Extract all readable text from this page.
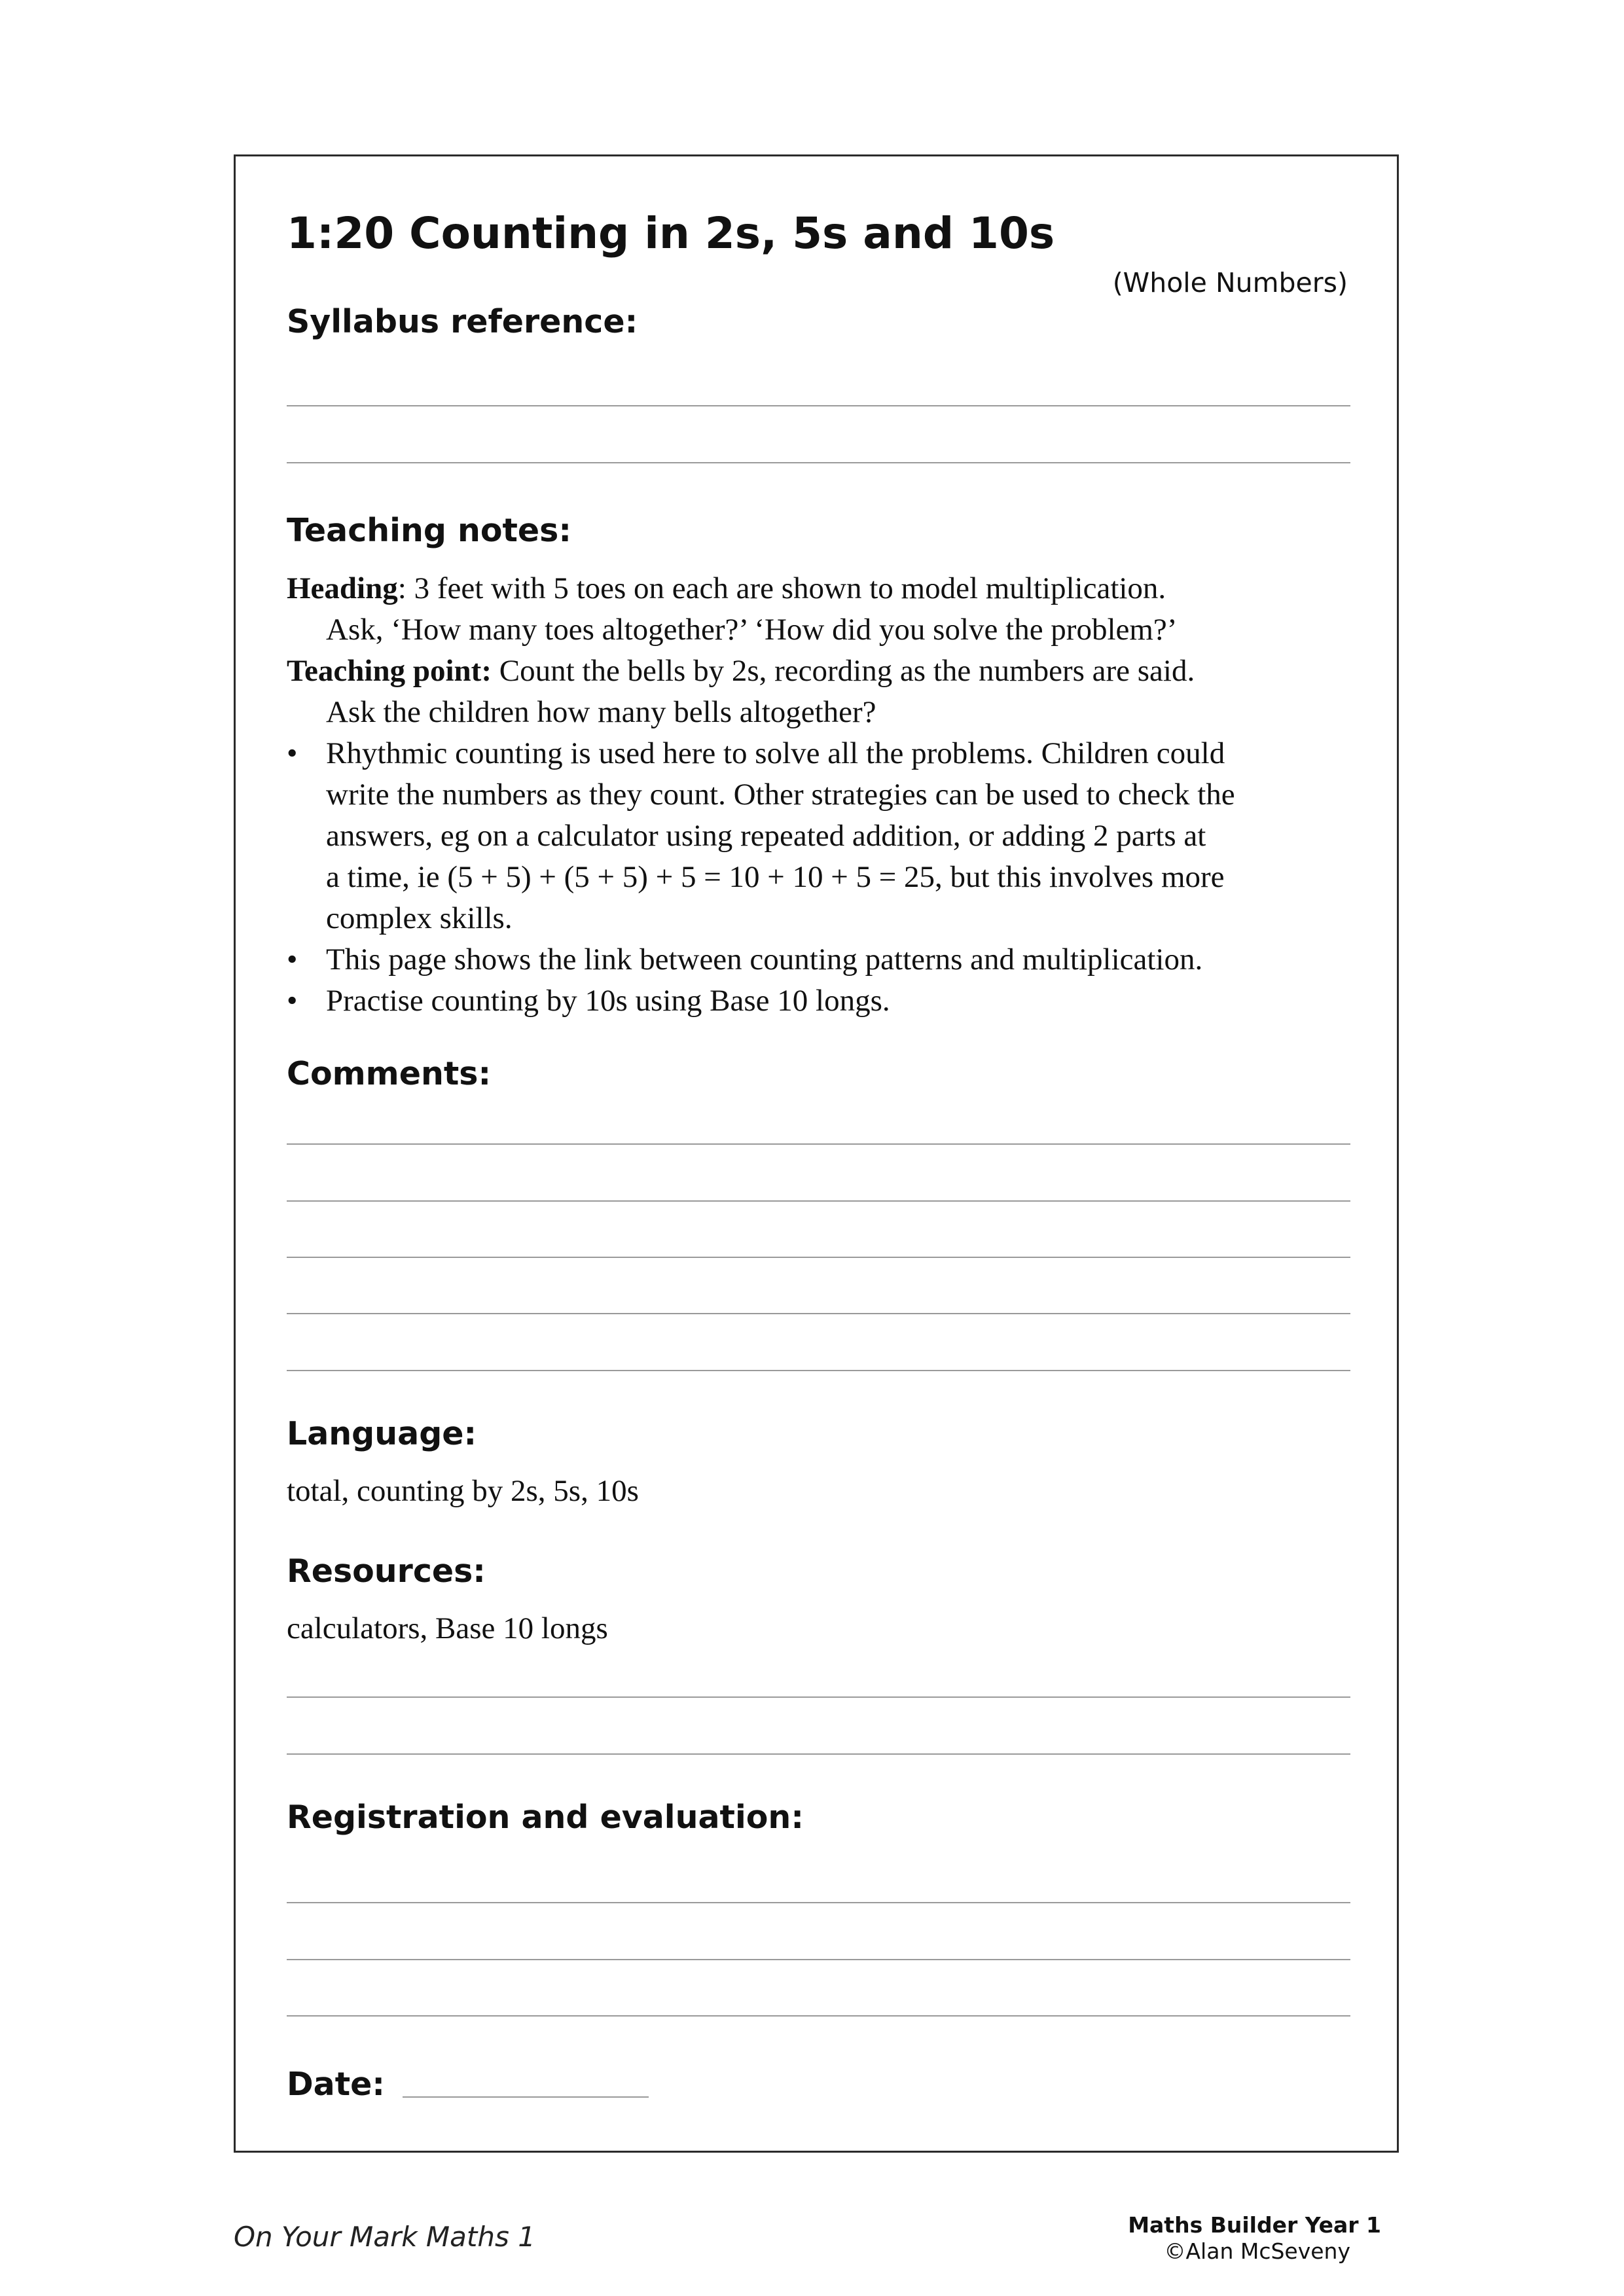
1:20 Counting in 2s, 5s and 10s
(Whole Numbers)
Syllabus reference:
Teaching notes:
Heading: 3 feet with 5 toes on each are shown to model multiplication.
Ask, ‘How many toes altogether?’ ‘How did you solve the problem?’
Teaching point: Count the bells by 2s, recording as the numbers are said.
Ask the children how many bells altogether?
• Rhythmic counting is used here to solve all the problems. Children could
write the numbers as they count. Other strategies can be used to check the
answers, eg on a calculator using repeated addition, or adding 2 parts at
a time, ie (5 + 5) + (5 + 5) + 5 = 10 + 10 + 5 = 25, but this involves more
complex skills.
• This page shows the link between counting patterns and multiplication.
• Practise counting by 10s using Base 10 longs.
Comments:
Language:
total, counting by 2s, 5s, 10s
Resources:
calculators, Base 10 longs
Registration and evaluation:
Date:
On Your Mark Maths 1	Maths Builder Year 1
©Alan McSeveny
